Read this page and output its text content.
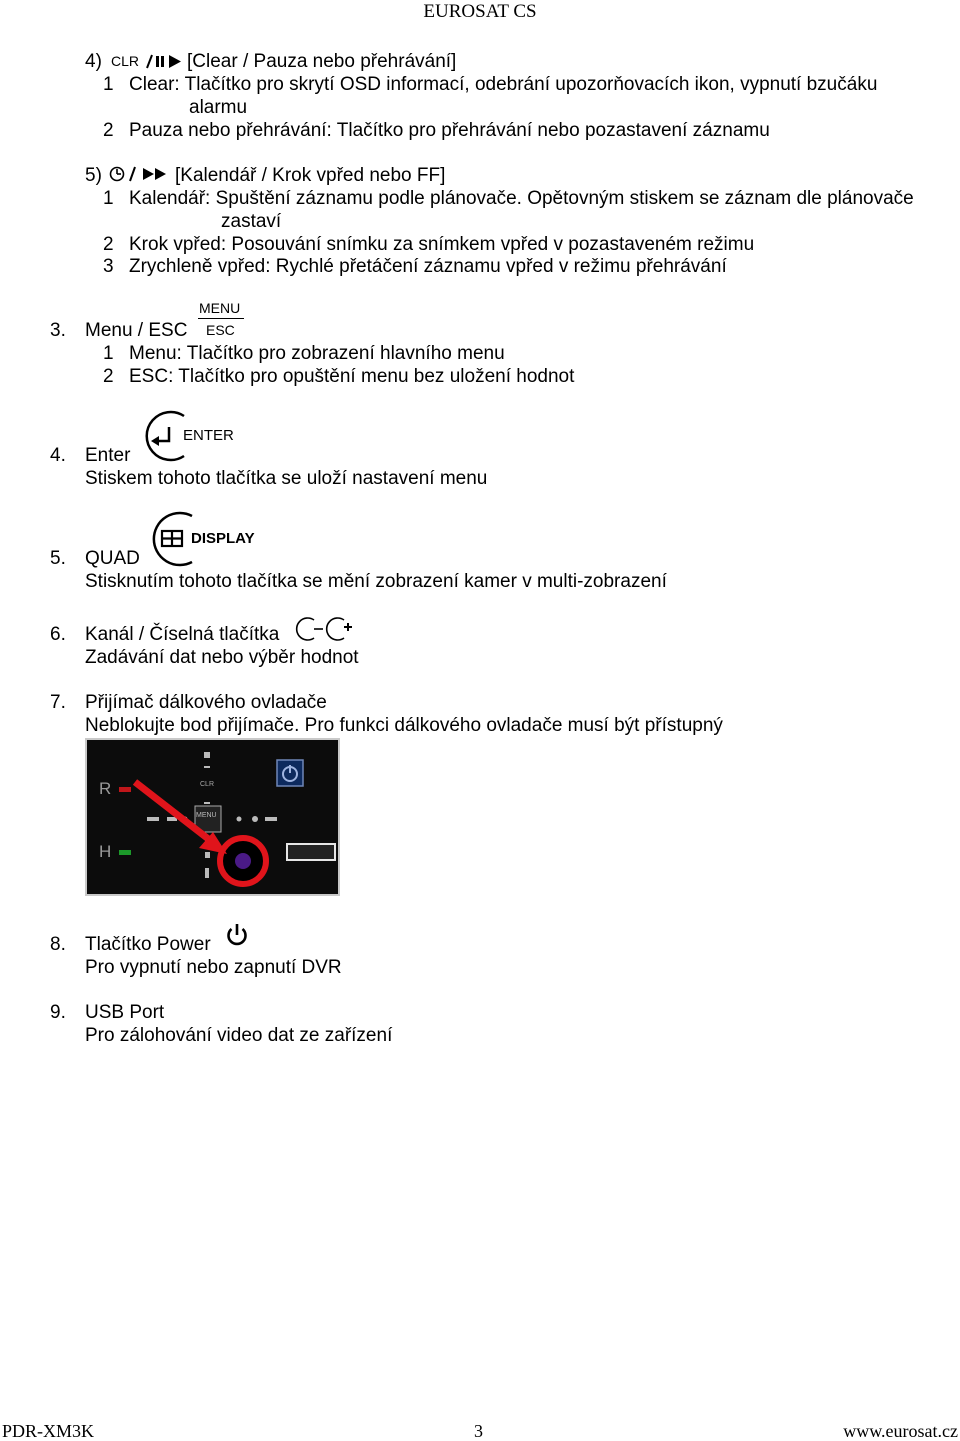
EUROSAT CS
4) CLR	[Clear / Pauza nebo přehrávání]
1 Clear: Tlačítko pro skrytí OSD informací, odebrání upozorňovacích ikon, vypnutí bzučáku
alarmu
2 Pauza nebo přehrávání: Tlačítko pro přehrávání nebo pozastavení záznamu
5)	[Kalendář / Krok vpřed nebo FF]
1 Kalendář: Spuštění záznamu podle plánovače. Opětovným stiskem se záznam dle plánovače
zastaví
2 Krok vpřed: Posouvání snímku za snímkem vpřed v pozastaveném režimu
3 Zrychleně vpřed: Rychlé přetáčení záznamu vpřed v režimu přehrávání
MENU
ESC
3. Menu / ESC
1 Menu: Tlačítko pro zobrazení hlavního menu
2 ESC: Tlačítko pro opuštění menu bez uložení hodnot
ENTER
4. Enter
Stiskem tohoto tlačítka se uloží nastavení menu
DISPLAY
5. QUAD
Stisknutím tohoto tlačítka se mění zobrazení kamer v multi-zobrazení
6. Kanál / Číselná tlačítka
Zadávání dat nebo výběr hodnot
7. Přijímač dálkového ovladače
Neblokujte bod přijímače. Pro funkci dálkového ovladače musí být přístupný
R
H
CLR
MENU
8. Tlačítko Power
Pro vypnutí nebo zapnutí DVR
9. USB Port
Pro zálohování video dat ze zařízení
PDR-XM3K	3	www.eurosat.cz
